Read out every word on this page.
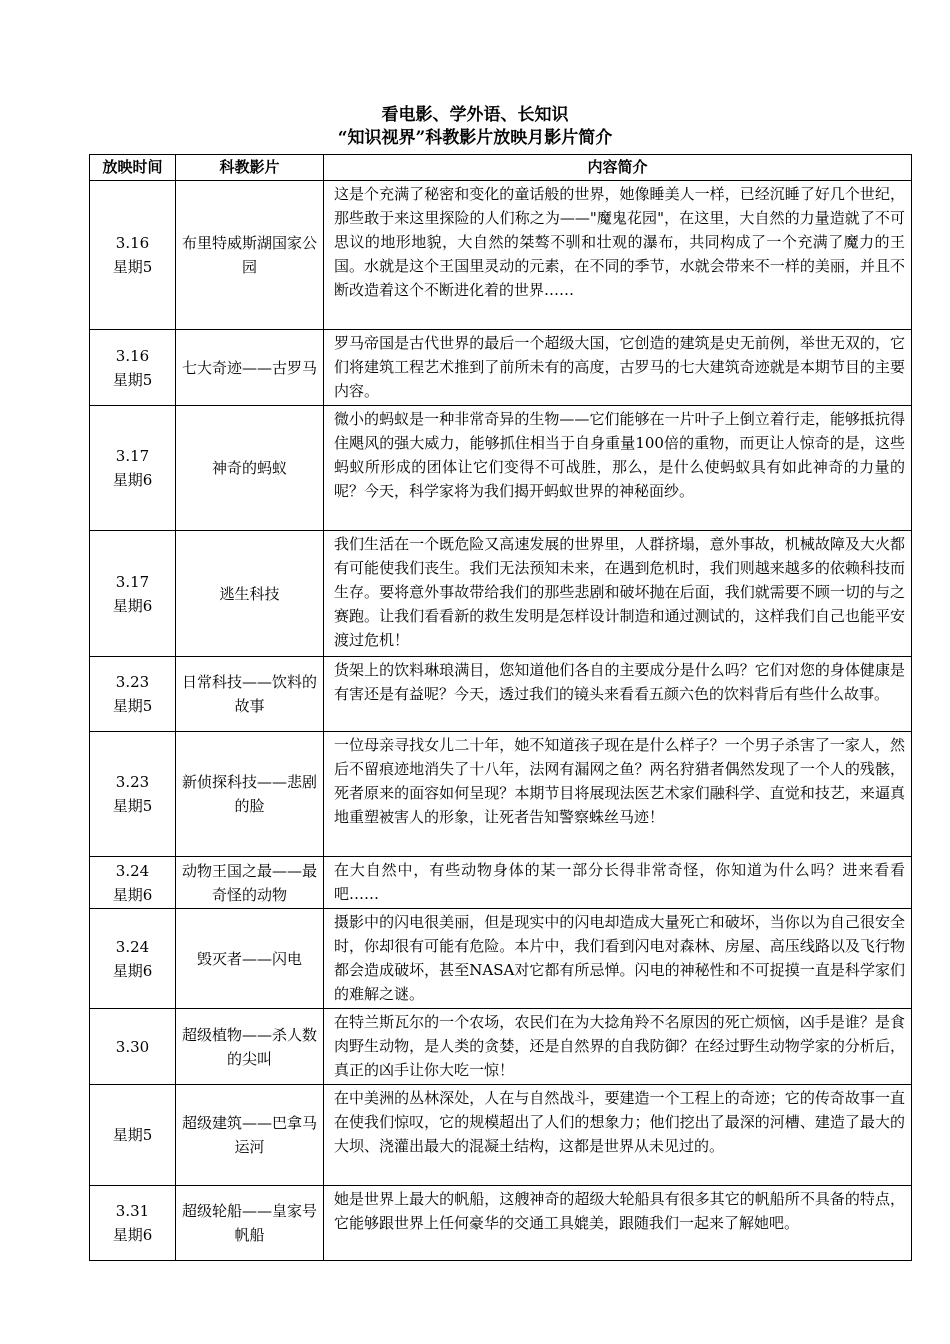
看电影、学外语、长知识
“知识视界”科教影片放映月影片简介
放映时间	科教影片	内容简介

3.16
星期5	布里特威斯湖国家公园	这是个充满了秘密和变化的童话般的世界，她像睡美人一样，已经沉睡了好几个世纪，那些敢于来这里探险的人们称之为——"魔鬼花园"，在这里，大自然的力量造就了不可思议的地形地貌，大自然的桀骜不驯和壮观的瀑布，共同构成了一个充满了魔力的王国。水就是这个王国里灵动的元素，在不同的季节，水就会带来不一样的美丽，并且不断改造着这个不断进化着的世界……

3.16
星期5	七大奇迹——古罗马	罗马帝国是古代世界的最后一个超级大国，它创造的建筑是史无前例，举世无双的，它们将建筑工程艺术推到了前所未有的高度，古罗马的七大建筑奇迹就是本期节目的主要内容。

3.17
星期6	神奇的蚂蚁	微小的蚂蚁是一种非常奇异的生物——它们能够在一片叶子上倒立着行走，能够抵抗得住飓风的强大威力，能够抓住相当于自身重量100倍的重物，而更让人惊奇的是，这些蚂蚁所形成的团体让它们变得不可战胜，那么，是什么使蚂蚁具有如此神奇的力量的呢？今天，科学家将为我们揭开蚂蚁世界的神秘面纱。

3.17
星期6	逃生科技	我们生活在一个既危险又高速发展的世界里，人群挤塌，意外事故，机械故障及大火都有可能使我们丧生。我们无法预知未来，在遇到危机时，我们则越来越多的依赖科技而生存。要将意外事故带给我们的那些悲剧和破坏抛在后面，我们就需要不顾一切的与之赛跑。让我们看看新的救生发明是怎样设计制造和通过测试的，这样我们自己也能平安渡过危机！

3.23
星期5	日常科技——饮料的故事	货架上的饮料琳琅满目，您知道他们各自的主要成分是什么吗？它们对您的身体健康是有害还是有益呢？今天，透过我们的镜头来看看五颜六色的饮料背后有些什么故事。

3.23
星期5	新侦探科技——悲剧的脸	一位母亲寻找女儿二十年，她不知道孩子现在是什么样子？一个男子杀害了一家人，然后不留痕迹地消失了十八年，法网有漏网之鱼？两名狩猎者偶然发现了一个人的残骸，死者原来的面容如何呈现？本期节目将展现法医艺术家们融科学、直觉和技艺，来逼真地重塑被害人的形象，让死者告知警察蛛丝马迹！

3.24
星期6	动物王国之最——最奇怪的动物	在大自然中，有些动物身体的某一部分长得非常奇怪，你知道为什么吗？进来看看吧……

3.24
星期6	毁灭者——闪电	摄影中的闪电很美丽，但是现实中的闪电却造成大量死亡和破坏，当你以为自己很安全时，你却很有可能有危险。本片中，我们看到闪电对森林、房屋、高压线路以及飞行物都会造成破坏，甚至NASA对它都有所忌惮。闪电的神秘性和不可捉摸一直是科学家们的难解之谜。

3.30	超级植物——杀人数的尖叫	在特兰斯瓦尔的一个农场，农民们在为大捻角羚不名原因的死亡烦恼，凶手是谁？是食肉野生动物，是人类的贪婪，还是自然界的自我防御？在经过野生动物学家的分析后，真正的凶手让你大吃一惊！

星期5	超级建筑——巴拿马运河	在中美洲的丛林深处，人在与自然战斗，要建造一个工程上的奇迹；它的传奇故事一直在使我们惊叹，它的规模超出了人们的想象力；他们挖出了最深的河槽、建造了最大的大坝、浇灌出最大的混凝土结构，这都是世界从未见过的。

3.31
星期6	超级轮船——皇家号帆船	她是世界上最大的帆船，这艘神奇的超级大轮船具有很多其它的帆船所不具备的特点，它能够跟世界上任何豪华的交通工具媲美，跟随我们一起来了解她吧。
